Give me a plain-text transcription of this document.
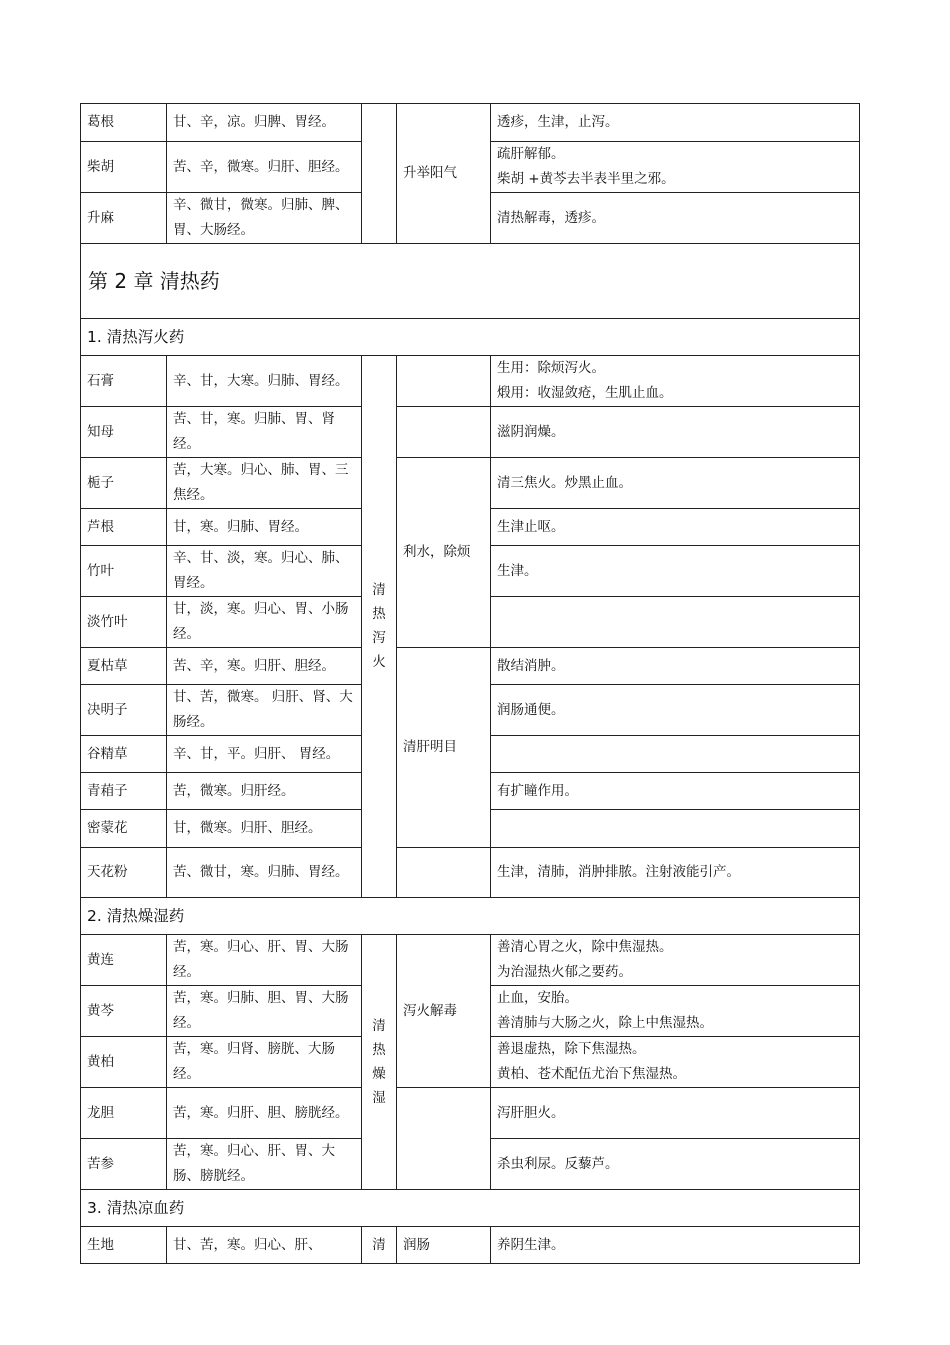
葛根	甘、辛，凉。归脾、胃经。		升举阳气	透疹，生津，止泻。
柴胡	苦、辛，微寒。归肝、胆经。			疏肝解郁。
柴胡 +黄芩去半表半里之邪。

升麻	辛、微甘，微寒。归肺、脾、胃、大肠经。			清热解毒，透疹。
第 2 章 清热药				
1. 清热泻火药				
石膏	辛、甘，大寒。归肺、胃经。	清热泻火		生用：除烦泻火。
煅用：收湿敛疮，生肌止血。

知母	苦、甘，寒。归肺、胃、肾经。			滋阴润燥。
栀子	苦，大寒。归心、肺、胃、三焦经。		利水，除烦	清三焦火。炒黑止血。
芦根	甘，寒。归肺、胃经。			生津止呕。
竹叶	辛、甘、淡，寒。归心、肺、胃经。			生津。
淡竹叶	甘，淡，寒。归心、胃、小肠经。			
夏枯草	苦、辛，寒。归肝、胆经。		清肝明目	散结消肿。
决明子	甘、苦，微寒。 归肝、肾、大肠经。			润肠通便。
谷精草	辛、甘，平。归肝、 胃经。			
青葙子	苦，微寒。归肝经。			有扩瞳作用。
密蒙花	甘，微寒。归肝、胆经。			
天花粉	苦、微甘，寒。归肺、胃经。			生津，清肺，消肿排脓。注射液能引产。
2. 清热燥湿药				
黄连	苦，寒。归心、肝、胃、大肠经。	清热燥湿	泻火解毒	善清心胃之火，除中焦湿热。
为治湿热火郁之要药。

黄芩	苦，寒。归肺、胆、胃、大肠经。			止血，安胎。
善清肺与大肠之火，除上中焦湿热。

黄柏	苦，寒。归肾、膀胱、大肠经。			善退虚热，除下焦湿热。
黄柏、苍术配伍尤治下焦湿热。

龙胆	苦，寒。归肝、胆、膀胱经。			泻肝胆火。
苦参	苦，寒。归心、肝、胃、大肠、膀胱经。			杀虫利尿。反藜芦。
3. 清热凉血药				
生地	甘、苦，寒。归心、肝、	清	润肠	养阴生津。
